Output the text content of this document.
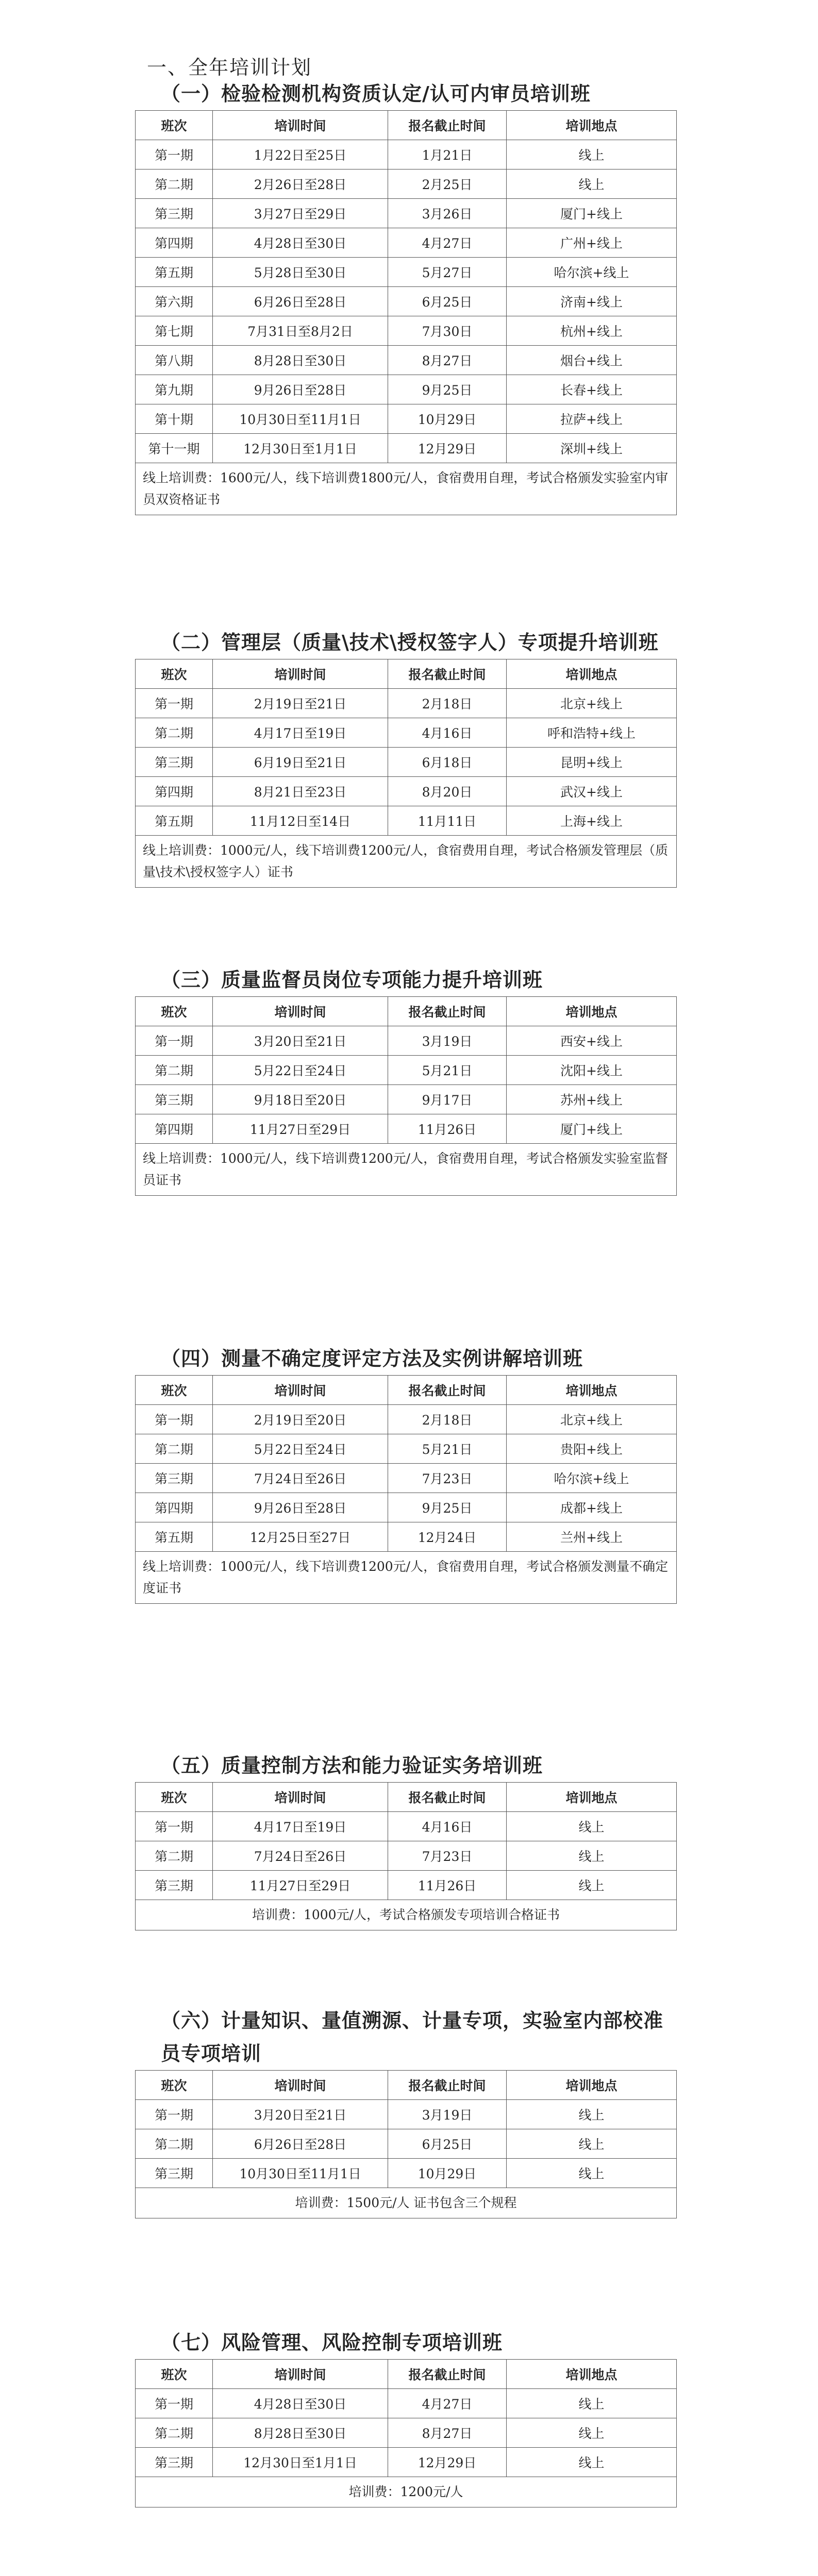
一、全年培训计划

（一）检验检测机构资质认定/认可内审员培训班

班次	培训时间	报名截止时间	培训地点
第一期	1月22日至25日	1月21日	线上
第二期	2月26日至28日	2月25日	线上
第三期	3月27日至29日	3月26日	厦门+线上
第四期	4月28日至30日	4月27日	广州+线上
第五期	5月28日至30日	5月27日	哈尔滨+线上
第六期	6月26日至28日	6月25日	济南+线上
第七期	7月31日至8月2日	7月30日	杭州+线上
第八期	8月28日至30日	8月27日	烟台+线上
第九期	9月26日至28日	9月25日	长春+线上
第十期	10月30日至11月1日	10月29日	拉萨+线上
第十一期	12月30日至1月1日	12月29日	深圳+线上
线上培训费：1600元/人，线下培训费1800元/人，食宿费用自理，考试合格颁发实验室内审员双资格证书			

（二）管理层（质量\技术\授权签字人）专项提升培训班

班次	培训时间	报名截止时间	培训地点
第一期	2月19日至21日	2月18日	北京+线上
第二期	4月17日至19日	4月16日	呼和浩特+线上
第三期	6月19日至21日	6月18日	昆明+线上
第四期	8月21日至23日	8月20日	武汉+线上
第五期	11月12日至14日	11月11日	上海+线上
线上培训费：1000元/人，线下培训费1200元/人，食宿费用自理，考试合格颁发管理层（质量\技术\授权签字人）证书			

（三）质量监督员岗位专项能力提升培训班

班次	培训时间	报名截止时间	培训地点
第一期	3月20日至21日	3月19日	西安+线上
第二期	5月22日至24日	5月21日	沈阳+线上
第三期	9月18日至20日	9月17日	苏州+线上
第四期	11月27日至29日	11月26日	厦门+线上
线上培训费：1000元/人，线下培训费1200元/人，食宿费用自理，考试合格颁发实验室监督员证书			

（四）测量不确定度评定方法及实例讲解培训班

班次	培训时间	报名截止时间	培训地点
第一期	2月19日至20日	2月18日	北京+线上
第二期	5月22日至24日	5月21日	贵阳+线上
第三期	7月24日至26日	7月23日	哈尔滨+线上
第四期	9月26日至28日	9月25日	成都+线上
第五期	12月25日至27日	12月24日	兰州+线上
线上培训费：1000元/人，线下培训费1200元/人，食宿费用自理，考试合格颁发测量不确定度证书			

（五）质量控制方法和能力验证实务培训班

班次	培训时间	报名截止时间	培训地点
第一期	4月17日至19日	4月16日	线上
第二期	7月24日至26日	7月23日	线上
第三期	11月27日至29日	11月26日	线上
培训费：1000元/人，考试合格颁发专项培训合格证书			

（六）计量知识、量值溯源、计量专项，实验室内部校准员专项培训

班次	培训时间	报名截止时间	培训地点
第一期	3月20日至21日	3月19日	线上
第二期	6月26日至28日	6月25日	线上
第三期	10月30日至11月1日	10月29日	线上
培训费：1500元/人 证书包含三个规程			

（七）风险管理、风险控制专项培训班

班次	培训时间	报名截止时间	培训地点
第一期	4月28日至30日	4月27日	线上
第二期	8月28日至30日	8月27日	线上
第三期	12月30日至1月1日	12月29日	线上
培训费：1200元/人			
